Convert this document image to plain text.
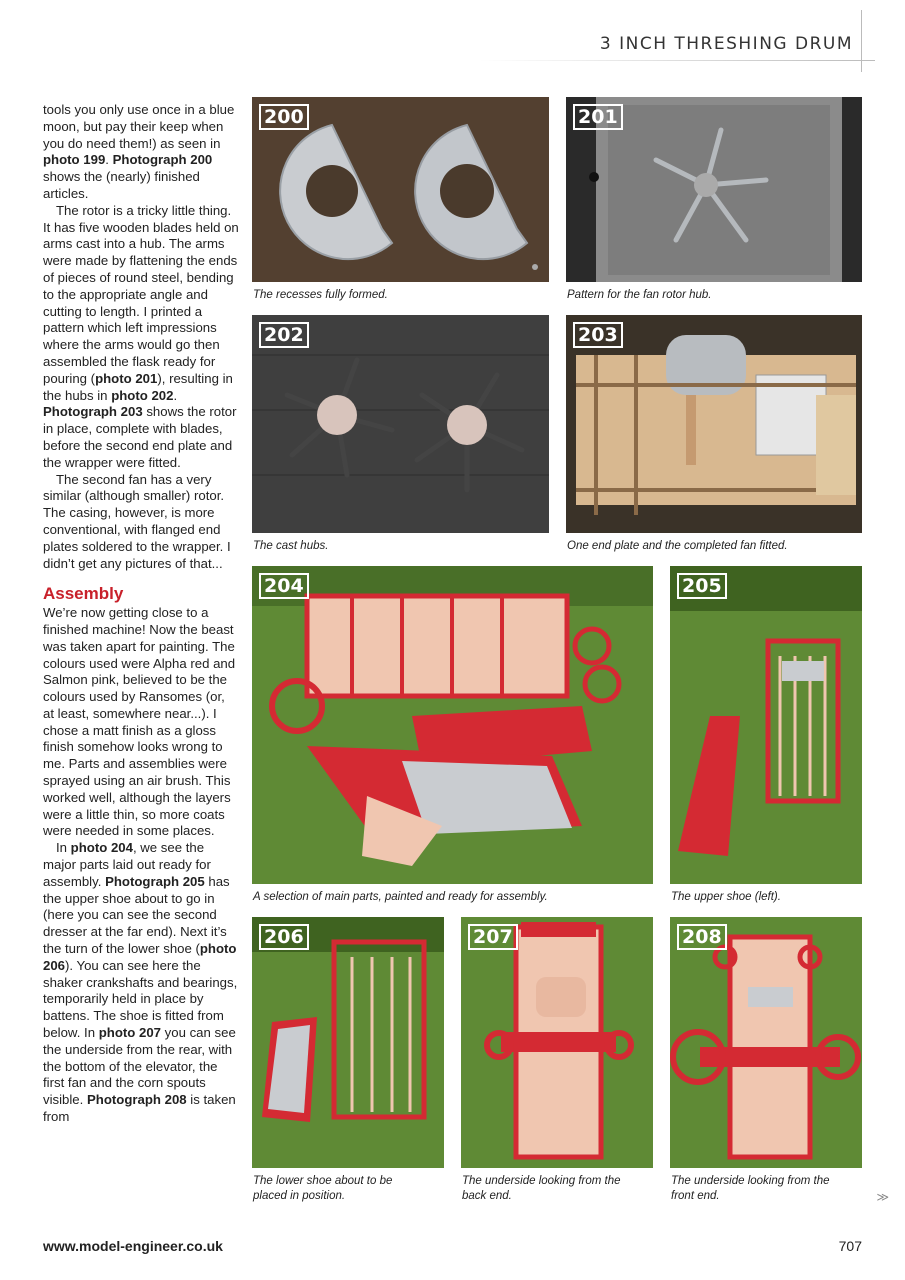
3 INCH THRESHING DRUM

tools you only use once in a blue moon, but pay their keep when you do need them!) as seen in photo 199. Photograph 200 shows the (nearly) finished articles.

The rotor is a tricky little thing. It has five wooden blades held on arms cast into a hub. The arms were made by flattening the ends of pieces of round steel, bending to the appropriate angle and cutting to length. I printed a pattern which left impressions where the arms would go then assembled the flask ready for pouring (photo 201), resulting in the hubs in photo 202. Photograph 203 shows the rotor in place, complete with blades, before the second end plate and the wrapper were fitted.

The second fan has a very similar (although smaller) rotor. The casing, however, is more conventional, with flanged end plates soldered to the wrapper. I didn’t get any pictures of that...

Assembly

We’re now getting close to a finished machine! Now the beast was taken apart for painting. The colours used were Alpha red and Salmon pink, believed to be the colours used by Ransomes (or, at least, somewhere near...). I chose a matt finish as a gloss finish somehow looks wrong to me. Parts and assemblies were sprayed using an air brush. This worked well, although the layers were a little thin, so more coats were needed in some places.

In photo 204, we see the major parts laid out ready for assembly. Photograph 205 has the upper shoe about to go in (here you can see the second dresser at the far end). Next it’s the turn of the lower shoe (photo 206). You can see here the shaker crankshafts and bearings, temporarily held in place by battens. The shoe is fitted from below. In photo 207 you can see the underside from the rear, with the bottom of the elevator, the first fan and the corn spouts visible. Photograph 208 is taken from

200
The recesses fully formed.
201
Pattern for the fan rotor hub.
202
The cast hubs.
203
One end plate and the completed fan fitted.
204
A selection of main parts, painted and ready for assembly.
205
The upper shoe (left).
206
The lower shoe about to be placed in position.
207
The underside looking from the back end.
208
The underside looking from the front end.	≫
www.model-engineer.co.uk	707
